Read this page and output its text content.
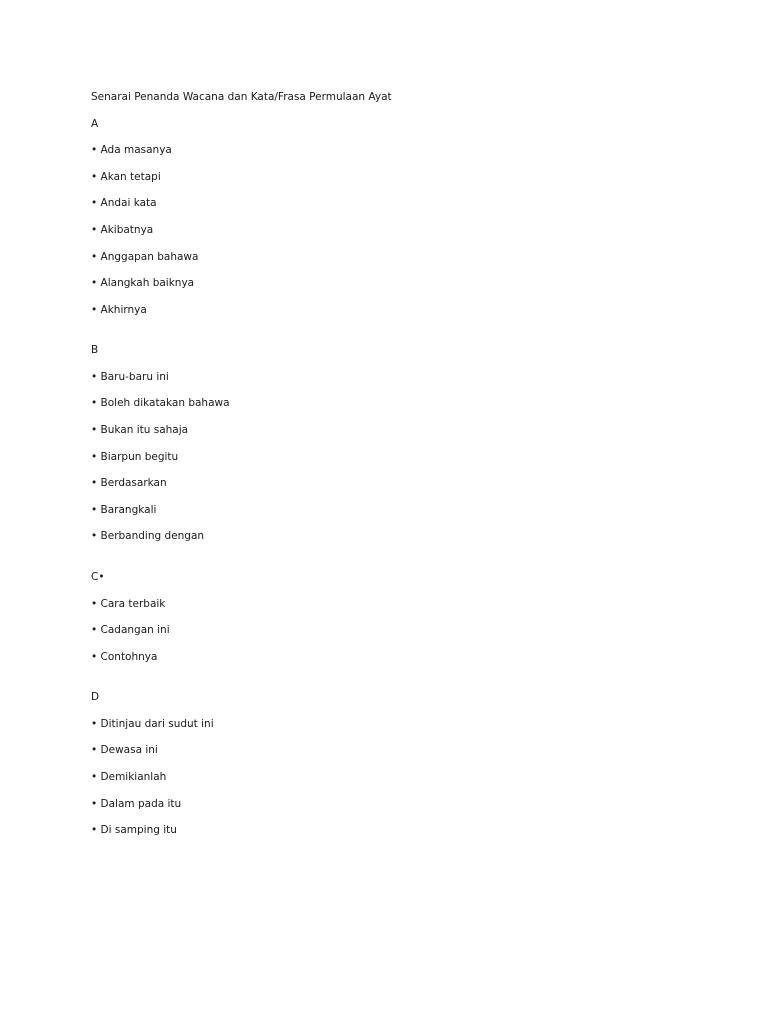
Senarai Penanda Wacana dan Kata/Frasa Permulaan Ayat

A

• Ada masanya
• Akan tetapi
• Andai kata
• Akibatnya
• Anggapan bahawa
• Alangkah baiknya
• Akhirnya

B

• Baru-baru ini
• Boleh dikatakan bahawa
• Bukan itu sahaja
• Biarpun begitu
• Berdasarkan
• Barangkali
• Berbanding dengan

C•

• Cara terbaik
• Cadangan ini
• Contohnya

D

• Ditinjau dari sudut ini
• Dewasa ini
• Demikianlah
• Dalam pada itu
• Di samping itu
